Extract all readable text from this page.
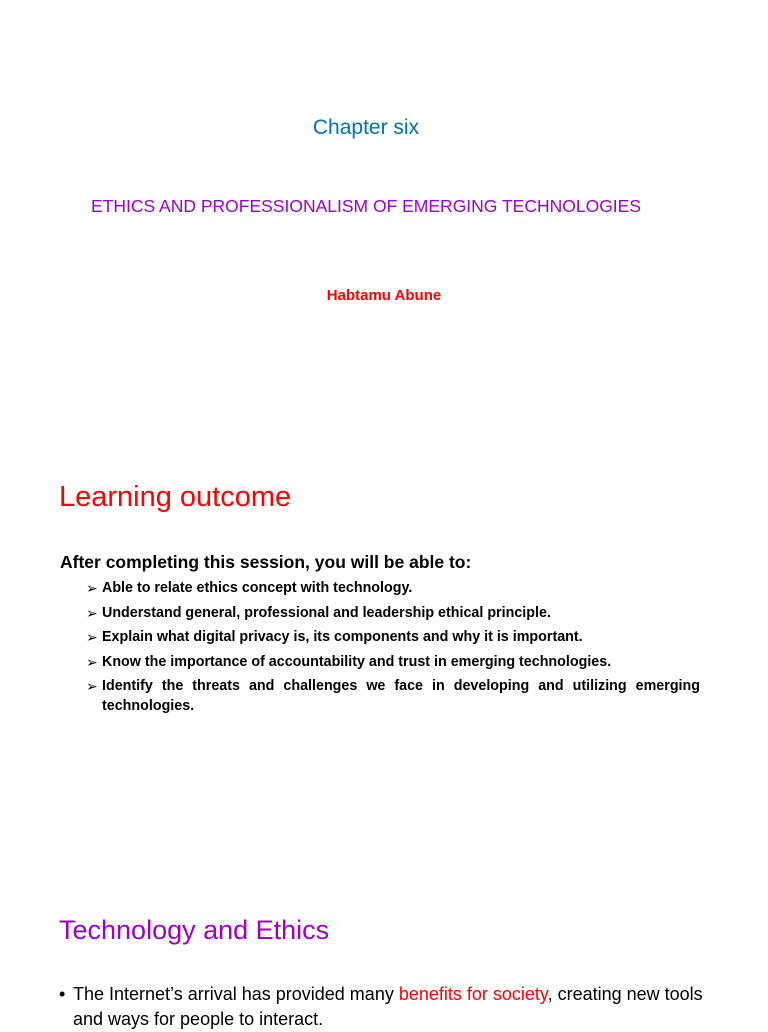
Chapter six
ETHICS AND PROFESSIONALISM OF EMERGING TECHNOLOGIES
Habtamu Abune
Learning outcome

After completing this session, you will be able to:

➢ Able to relate ethics concept with technology.
➢ Understand general, professional and leadership ethical principle.
➢ Explain what digital privacy is, its components and why it is important.
➢ Know the importance of accountability and trust in emerging technologies.
➢ Identify the threats and challenges we face in developing and utilizing emerging technologies.
Technology and Ethics
• The Internet’s arrival has provided many benefits for society, creating new tools and ways for people to interact.
